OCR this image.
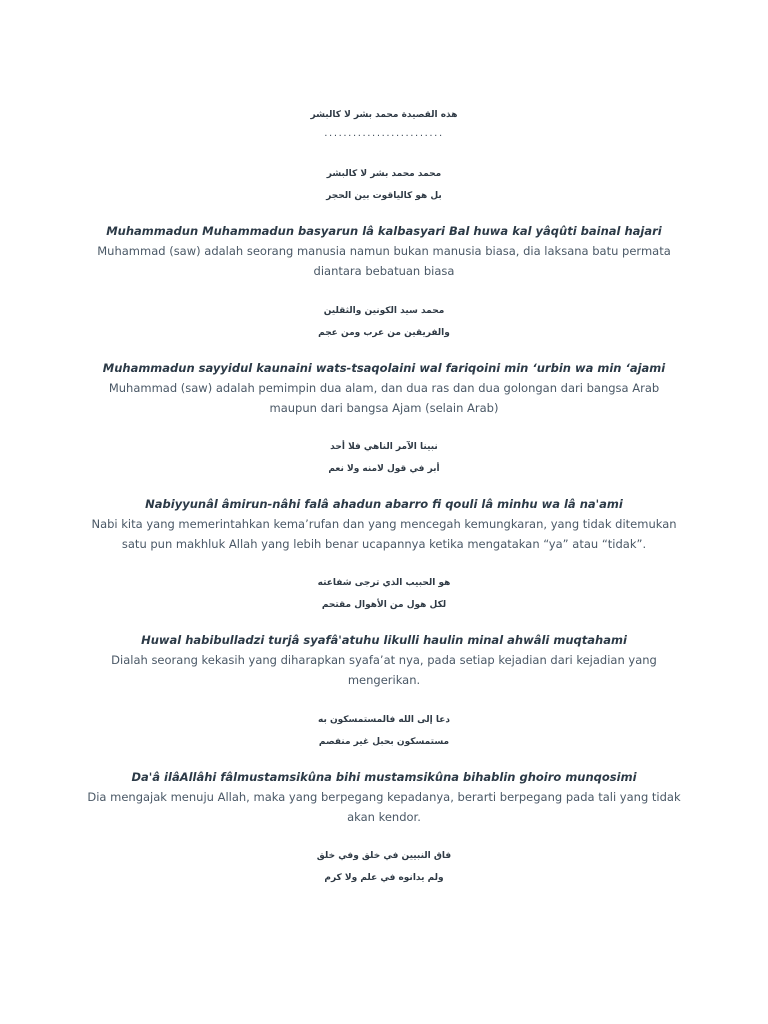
هذه القصيدة محمد بشر لا كالبشر
.........................
محمد محمد بشر لا كالبشر
بل هو كالياقوت بين الحجر
Muhammadun Muhammadun basyarun lâ kalbasyari Bal huwa kal yâqûti bainal hajari
Muhammad (saw) adalah seorang manusia namun bukan manusia biasa, dia laksana batu permata diantara bebatuan biasa
محمد سيد الكونين والثقلين
والفريقين من عرب ومن عجم
Muhammadun sayyidul kaunaini wats-tsaqolaini wal fariqoini min ‘urbin wa min ‘ajami
Muhammad (saw) adalah pemimpin dua alam, dan dua ras dan dua golongan dari bangsa Arab maupun dari bangsa Ajam (selain Arab)
نبينا الآمر الناهي فلا أحد
أبر في قول لامنه ولا نعم
Nabiyyunâl âmirun-nâhi falâ ahadun abarro fi qouli lâ minhu wa lâ na'ami
Nabi kita yang memerintahkan kema’rufan dan yang mencegah kemungkaran, yang tidak ditemukan satu pun makhluk Allah yang lebih benar ucapannya ketika mengatakan “ya” atau “tidak”.
هو الحبيب الذي ترجى شفاعته
لكل هول من الأهوال مقتحم
Huwal habibulladzi turjâ syafâ'atuhu likulli haulin minal ahwâli muqtahami
Dialah seorang kekasih yang diharapkan syafa’at nya, pada setiap kejadian dari kejadian yang mengerikan.
دعا إلى الله فالمستمسكون به
مستمسكون بحبل غير منفصم
Da'â ilâAllâhi fâlmustamsikûna bihi mustamsikûna bihablin ghoiro munqosimi
Dia mengajak menuju Allah, maka yang berpegang kepadanya, berarti berpegang pada tali yang tidak akan kendor.
فاق النبيين في خلق وفي خلق
ولم يدانوه في علم ولا كرم
